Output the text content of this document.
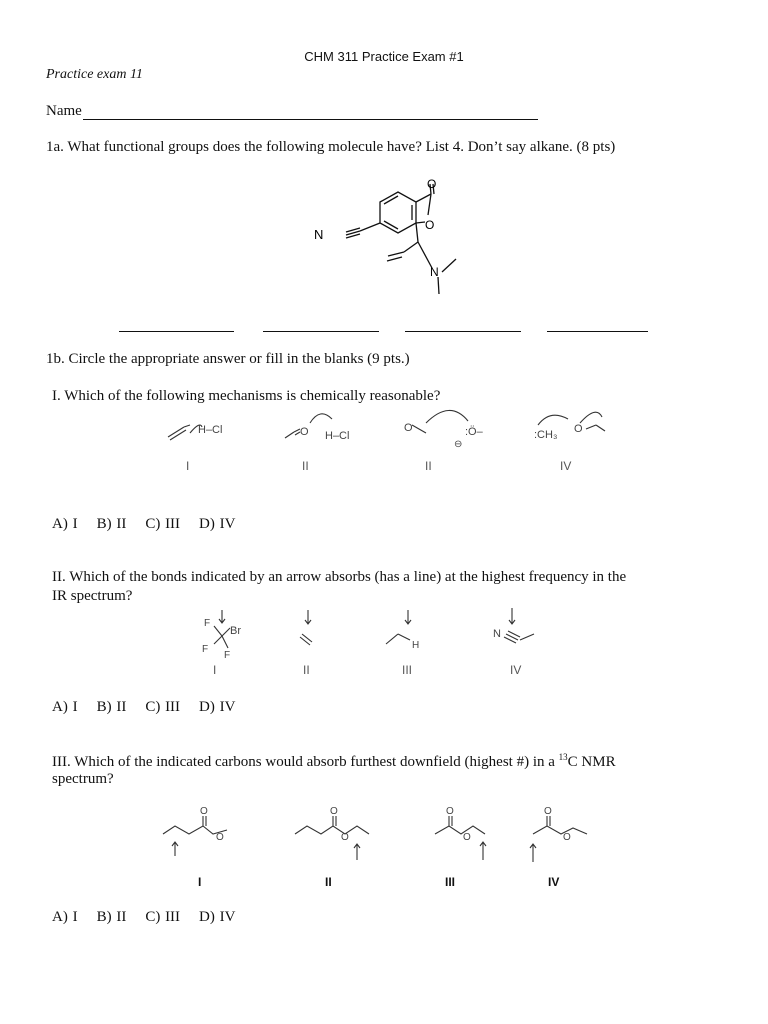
CHM 311 Practice Exam #1
Practice exam 11
Name
1a. What functional groups does the following molecule have? List 4. Don’t say alkane. (8 pts)
N
O
O
N
1b. Circle the appropriate answer or fill in the blanks (9 pts.)
I. Which of the following mechanisms is chemically reasonable?
H–Cl	O H–Cl
O	:Ö–
⊖
:CH₃ O
I	II	II	IV
A) I    B) II    C) III    D) IV
II. Which of the bonds indicated by an arrow absorbs (has a line) at the highest frequency in the
IR spectrum?
F
Br
F
F
H
N
I	II	III	IV
A) I    B) II    C) III    D) IV
III. Which of the indicated carbons would absorb furthest downfield (highest #) in a $^{13}$C NMR
spectrum?
O
O
O
O
O
O
O
O
I	II	III	IV
A) I    B) II    C) III    D) IV
